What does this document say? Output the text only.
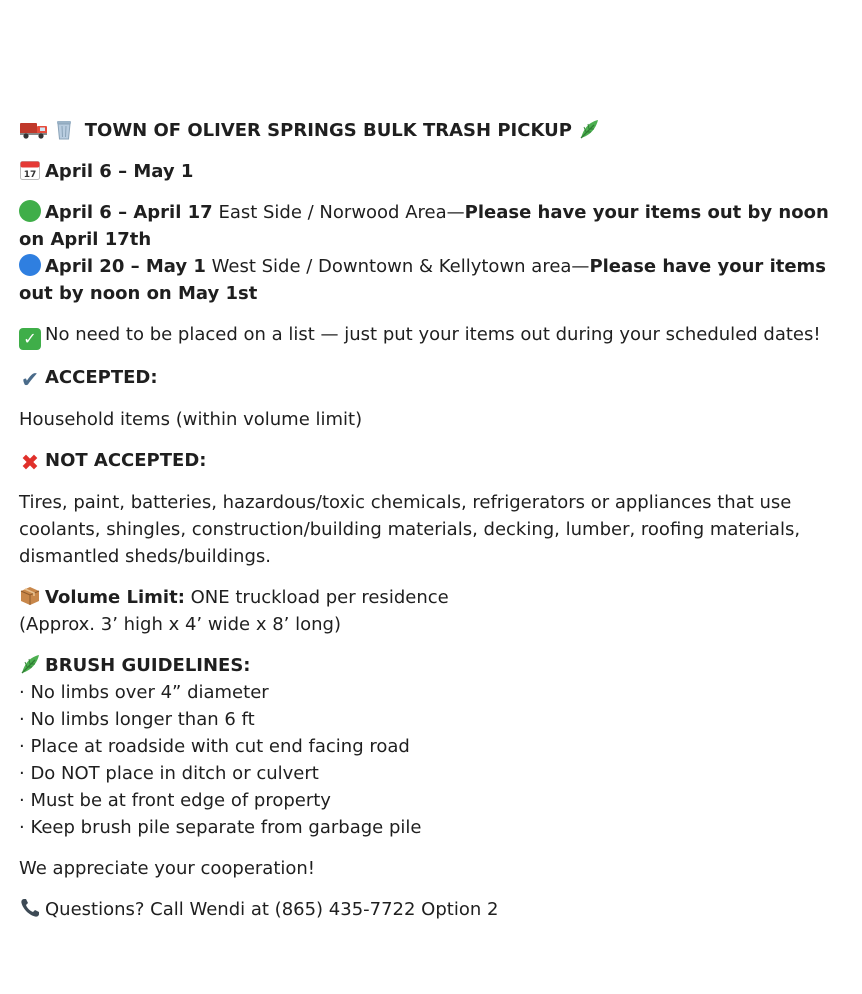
TOWN OF OLIVER SPRINGS BULK TRASH PICKUP
17 April 6 – May 1
April 6 – April 17 East Side / Norwood Area—Please have your items out by noon on April 17th
April 20 – May 1 West Side / Downtown & Kellytown area—Please have your items out by noon on May 1st
✓ No need to be placed on a list — just put your items out during your scheduled dates!
✔ ACCEPTED:
Household items (within volume limit)
✖ NOT ACCEPTED:
Tires, paint, batteries, hazardous/toxic chemicals, refrigerators or appliances that use coolants, shingles, construction/building materials, decking, lumber, roofing materials, dismantled sheds/buildings.
Volume Limit: ONE truckload per residence
(Approx. 3’ high x 4’ wide x 8’ long)
BRUSH GUIDELINES:
· No limbs over 4” diameter
· No limbs longer than 6 ft
· Place at roadside with cut end facing road
· Do NOT place in ditch or culvert
· Must be at front edge of property
· Keep brush pile separate from garbage pile
We appreciate your cooperation!
Questions? Call Wendi at (865) 435-7722 Option 2
